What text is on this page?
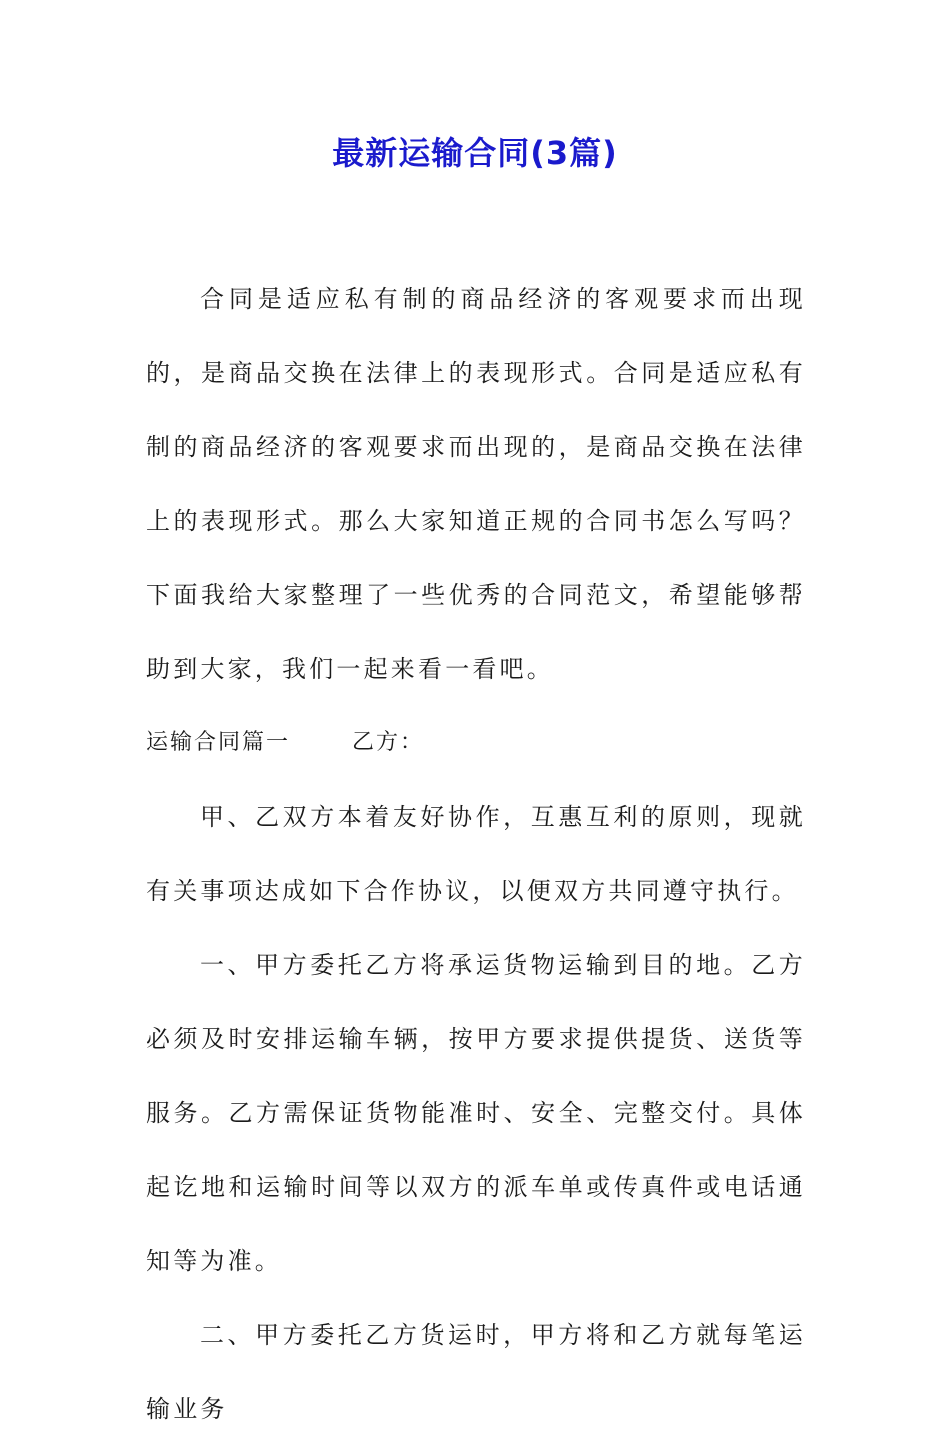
最新运输合同(3篇)

合同是适应私有制的商品经济的客观要求而出现的，是商品交换在法律上的表现形式。合同是适应私有制的商品经济的客观要求而出现的，是商品交换在法律上的表现形式。那么大家知道正规的合同书怎么写吗？下面我给大家整理了一些优秀的合同范文，希望能够帮助到大家，我们一起来看一看吧。

运输合同篇一	乙方：

甲、乙双方本着友好协作，互惠互利的原则，现就有关事项达成如下合作协议，以便双方共同遵守执行。

一、甲方委托乙方将承运货物运输到目的地。乙方必须及时安排运输车辆，按甲方要求提供提货、送货等服务。乙方需保证货物能准时、安全、完整交付。具体起讫地和运输时间等以双方的派车单或传真件或电话通知等为准。

二、甲方委托乙方货运时，甲方将和乙方就每笔运输业务
